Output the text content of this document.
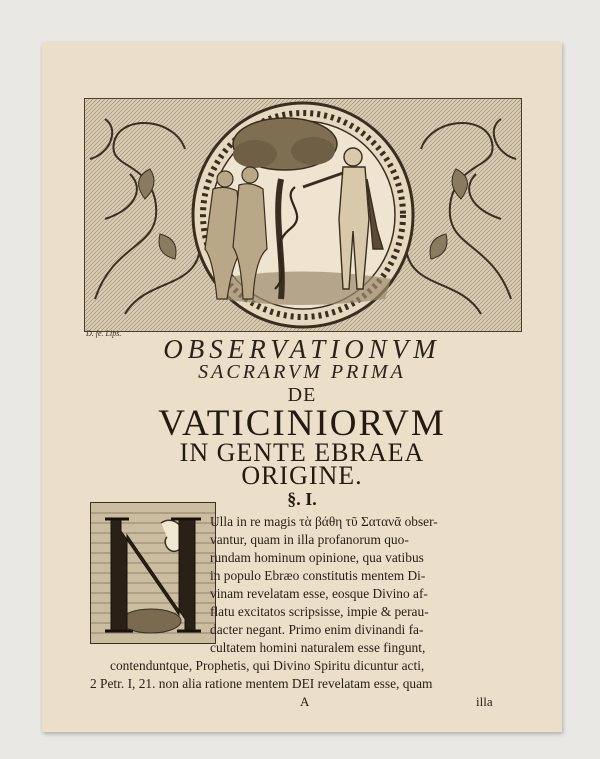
D. fe. Lips.
OBSERVATIONVM
SACRARVM PRIMA
DE
VATICINIORVM
IN GENTE EBRAEA
ORIGINE.
§. I.
Ulla in re magis τὰ βάθη τῦ Σατανᾶ obser-
vantur, quam in illa profanorum quo-
rundam hominum opinione, qua vatibus
in populo Ebræo constitutis mentem Di-
vinam revelatam esse, eosque Divino af-
flatu excitatos scripsisse, impie & perau-
dacter negant. Primo enim divinandi fa-
cultatem homini naturalem esse fingunt,
contenduntque, Prophetis, qui Divino Spiritu dicuntur acti,
2 Petr. I, 21. non alia ratione mentem DEI revelatam esse, quam
A	illa
